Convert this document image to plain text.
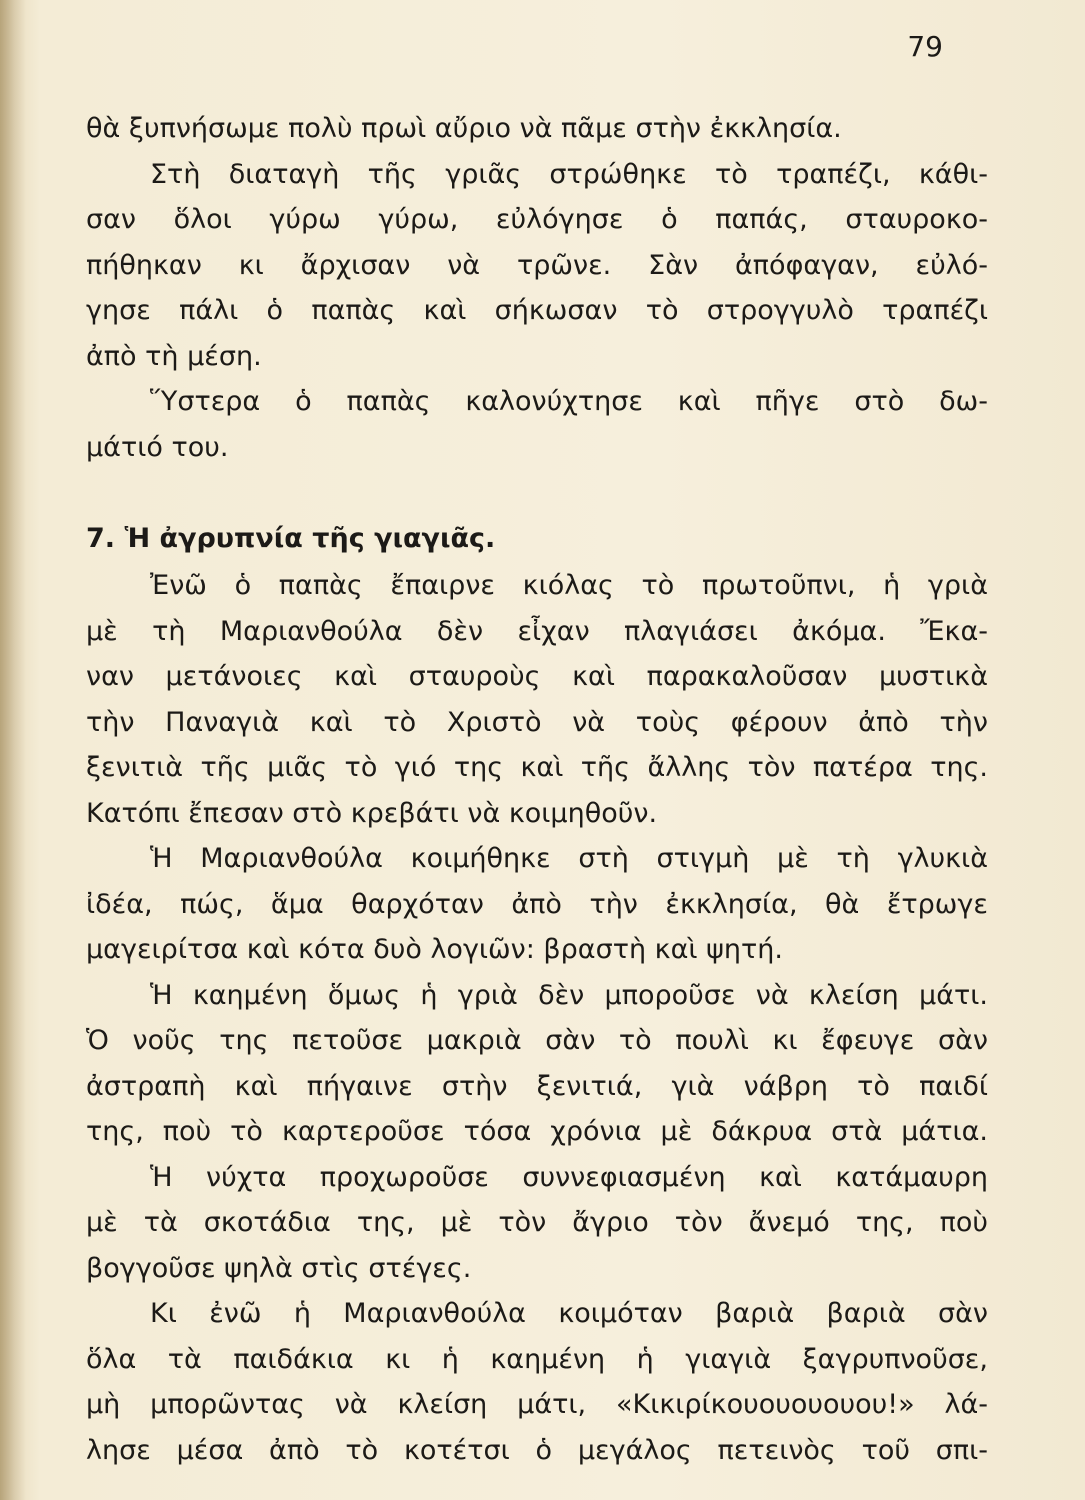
79
θὰ ξυπνήσωμε πολὺ πρωὶ αὔριο νὰ πᾶμε στὴν ἐκκλησία.
Στὴ διαταγὴ τῆς γριᾶς στρώθηκε τὸ τραπέζι, κάθι-
σαν ὅλοι γύρω γύρω, εὐλόγησε ὁ παπάς, σταυροκο-
πήθηκαν κι ἄρχισαν νὰ τρῶνε. Σὰν ἀπόφαγαν, εὐλό-
γησε πάλι ὁ παπὰς καὶ σήκωσαν τὸ στρογγυλὸ τραπέζι
ἀπὸ τὴ μέση.
Ὕστερα ὁ παπὰς καλονύχτησε καὶ πῆγε στὸ δω-
μάτιό του.
7. Ἡ ἀγρυπνία τῆς γιαγιᾶς.
Ἐνῶ ὁ παπὰς ἔπαιρνε κιόλας τὸ πρωτοῦπνι, ἡ γριὰ
μὲ τὴ Μαριανθούλα δὲν εἶχαν πλαγιάσει ἀκόμα. Ἔκα-
ναν μετάνοιες καὶ σταυροὺς καὶ παρακαλοῦσαν μυστικὰ
τὴν Παναγιὰ καὶ τὸ Χριστὸ νὰ τοὺς φέρουν ἀπὸ τὴν
ξενιτιὰ τῆς μιᾶς τὸ γιό της καὶ τῆς ἄλλης τὸν πατέρα της.
Κατόπι ἔπεσαν στὸ κρεβάτι νὰ κοιμηθοῦν.
Ἡ Μαριανθούλα κοιμήθηκε στὴ στιγμὴ μὲ τὴ γλυκιὰ
ἰδέα, πώς, ἅμα θαρχόταν ἀπὸ τὴν ἐκκλησία, θὰ ἔτρωγε
μαγειρίτσα καὶ κότα δυὸ λογιῶν: βραστὴ καὶ ψητή.
Ἡ καημένη ὅμως ἡ γριὰ δὲν μποροῦσε νὰ κλείση μάτι.
Ὁ νοῦς της πετοῦσε μακριὰ σὰν τὸ πουλὶ κι ἔφευγε σὰν
ἀστραπὴ καὶ πήγαινε στὴν ξενιτιά, γιὰ νάβρη τὸ παιδί
της, ποὺ τὸ καρτεροῦσε τόσα χρόνια μὲ δάκρυα στὰ μάτια.
Ἡ νύχτα προχωροῦσε συννεφιασμένη καὶ κατάμαυρη
μὲ τὰ σκοτάδια της, μὲ τὸν ἄγριο τὸν ἄνεμό της, ποὺ
βογγοῦσε ψηλὰ στὶς στέγες.
Κι ἐνῶ ἡ Μαριανθούλα κοιμόταν βαριὰ βαριὰ σὰν
ὅλα τὰ παιδάκια κι ἡ καημένη ἡ γιαγιὰ ξαγρυπνοῦσε,
μὴ μπορῶντας νὰ κλείση μάτι, «Κικιρίκουουουουου!» λά-
λησε μέσα ἀπὸ τὸ κοτέτσι ὁ μεγάλος πετεινὸς τοῦ σπι-
